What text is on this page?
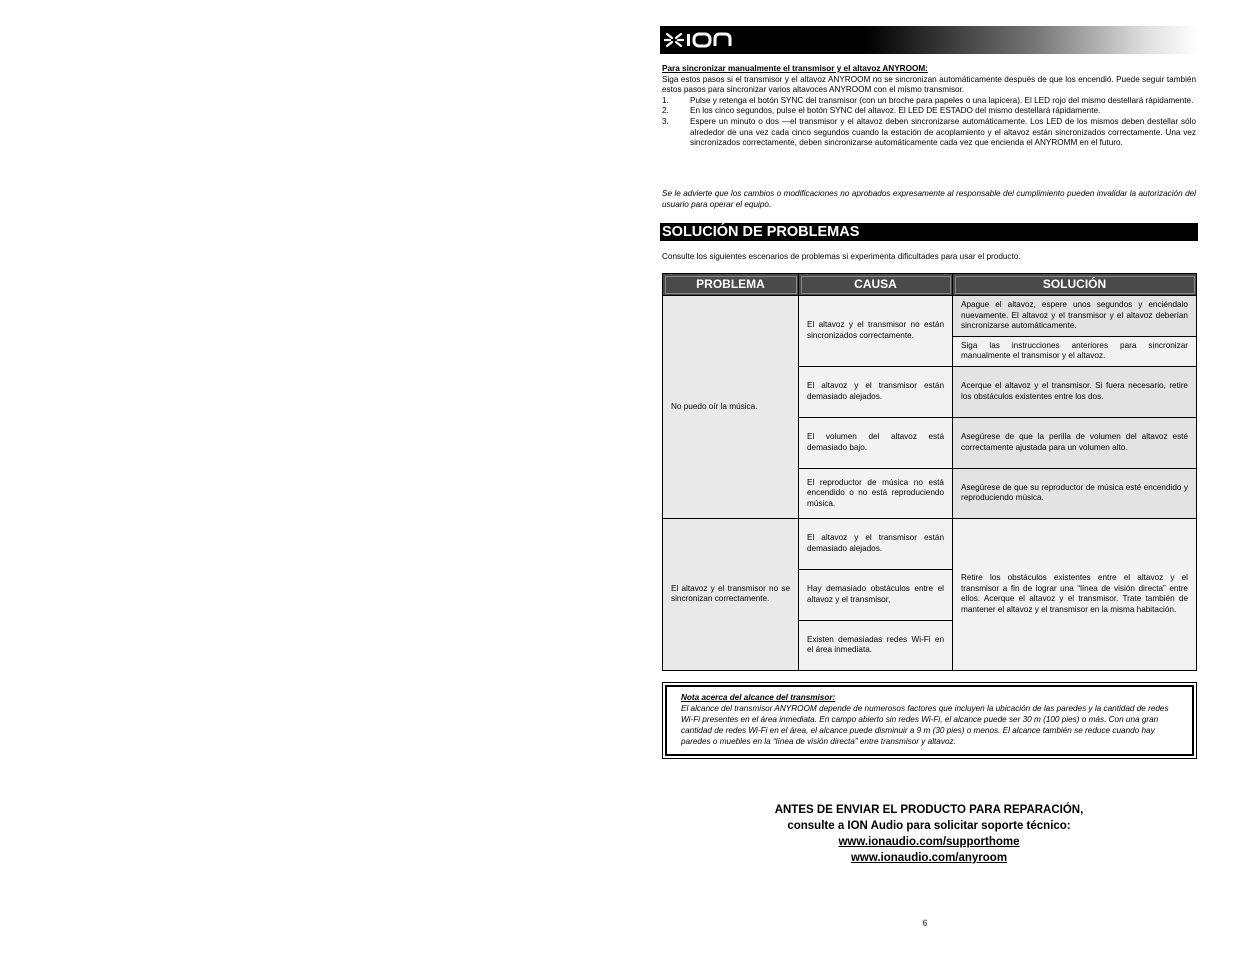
Para sincronizar manualmente el transmisor y el altavoz ANYROOM:
Siga estos pasos si el transmisor y el altavoz ANYROOM no se sincronizan automáticamente después de que los encendió. Puede seguir también estos pasos para sincronizar varios altavoces ANYROOM con el mismo transmisor.
1.	Pulse y retenga el botón SYNC del transmisor (con un broche para papeles o una lapicera). El LED rojo del mismo destellará rápidamente.
2.	En los cinco segundos, pulse el botón SYNC del altavoz. El LED DE ESTADO del mismo destellará rápidamente.
3.	Espere un minuto o dos —el transmisor y el altavoz deben sincronizarse automáticamente. Los LED de los mismos deben destellar sólo alrededor de una vez cada cinco segundos cuando la estación de acoplamiento y el altavoz están sincronizados correctamente. Una vez sincronizados correctamente, deben sincronizarse automáticamente cada vez que encienda el ANYROMM en el futuro.
Se le advierte que los cambios o modificaciones no aprobados expresamente al responsable del cumplimiento pueden invalidar la autorización del usuario para operar el equipo.
SOLUCIÓN DE PROBLEMAS
Consulte los siguientes escenarios de problemas si experimenta dificultades para usar el producto.
PROBLEMA	CAUSA	SOLUCIÓN
No puedo oír la música.	El altavoz y el transmisor no están sincronizados correctamente.	Apague el altavoz, espere unos segundos y enciéndalo nuevamente. El altavoz y el transmisor y el altavoz deberían sincronizarse automáticamente.
		Siga las instrucciones anteriores para sincronizar manualmente el transmisor y el altavoz.
	El altavoz y el transmisor están demasiado alejados.	Acerque el altavoz y el transmisor. Si fuera necesario, retire los obstáculos existentes entre los dos.
	El volumen del altavoz está demasiado bajo.	Asegúrese de que la perilla de volumen del altavoz esté correctamente ajustada para un volumen alto.
	El reproductor de música no está encendido o no está reproduciendo música.	Asegúrese de que su reproductor de música esté encendido y reproduciendo música.
El altavoz y el transmisor no se sincronizan correctamente.	El altavoz y el transmisor están demasiado alejados.	Retire los obstáculos existentes entre el altavoz y el transmisor a fin de lograr una “línea de visión directa” entre ellos. Acerque el altavoz y el transmisor. Trate también de mantener el altavoz y el transmisor en la misma habitación.
	Hay demasiado obstáculos entre el altavoz y el transmisor,	
	Existen demasiadas redes Wi-Fi en el área inmediata.	
Nota acerca del alcance del transmisor:
El alcance del transmisor ANYROOM depende de numerosos factores que incluyen la ubicación de las paredes y la cantidad de redes Wi-Fi presentes en el área inmediata. En campo abierto sin redes Wi-Fi, el alcance puede ser 30 m (100 pies) o más. Con una gran cantidad de redes Wi-Fi en el área, el alcance puede disminuir a 9 m (30 pies) o menos. El alcance también se reduce cuando hay paredes o muebles en la “línea de visión directa” entre transmisor y altavoz.
ANTES DE ENVIAR EL PRODUCTO PARA REPARACIÓN,
consulte a ION Audio para solicitar soporte técnico:
www.ionaudio.com/supporthome
www.ionaudio.com/anyroom
6
